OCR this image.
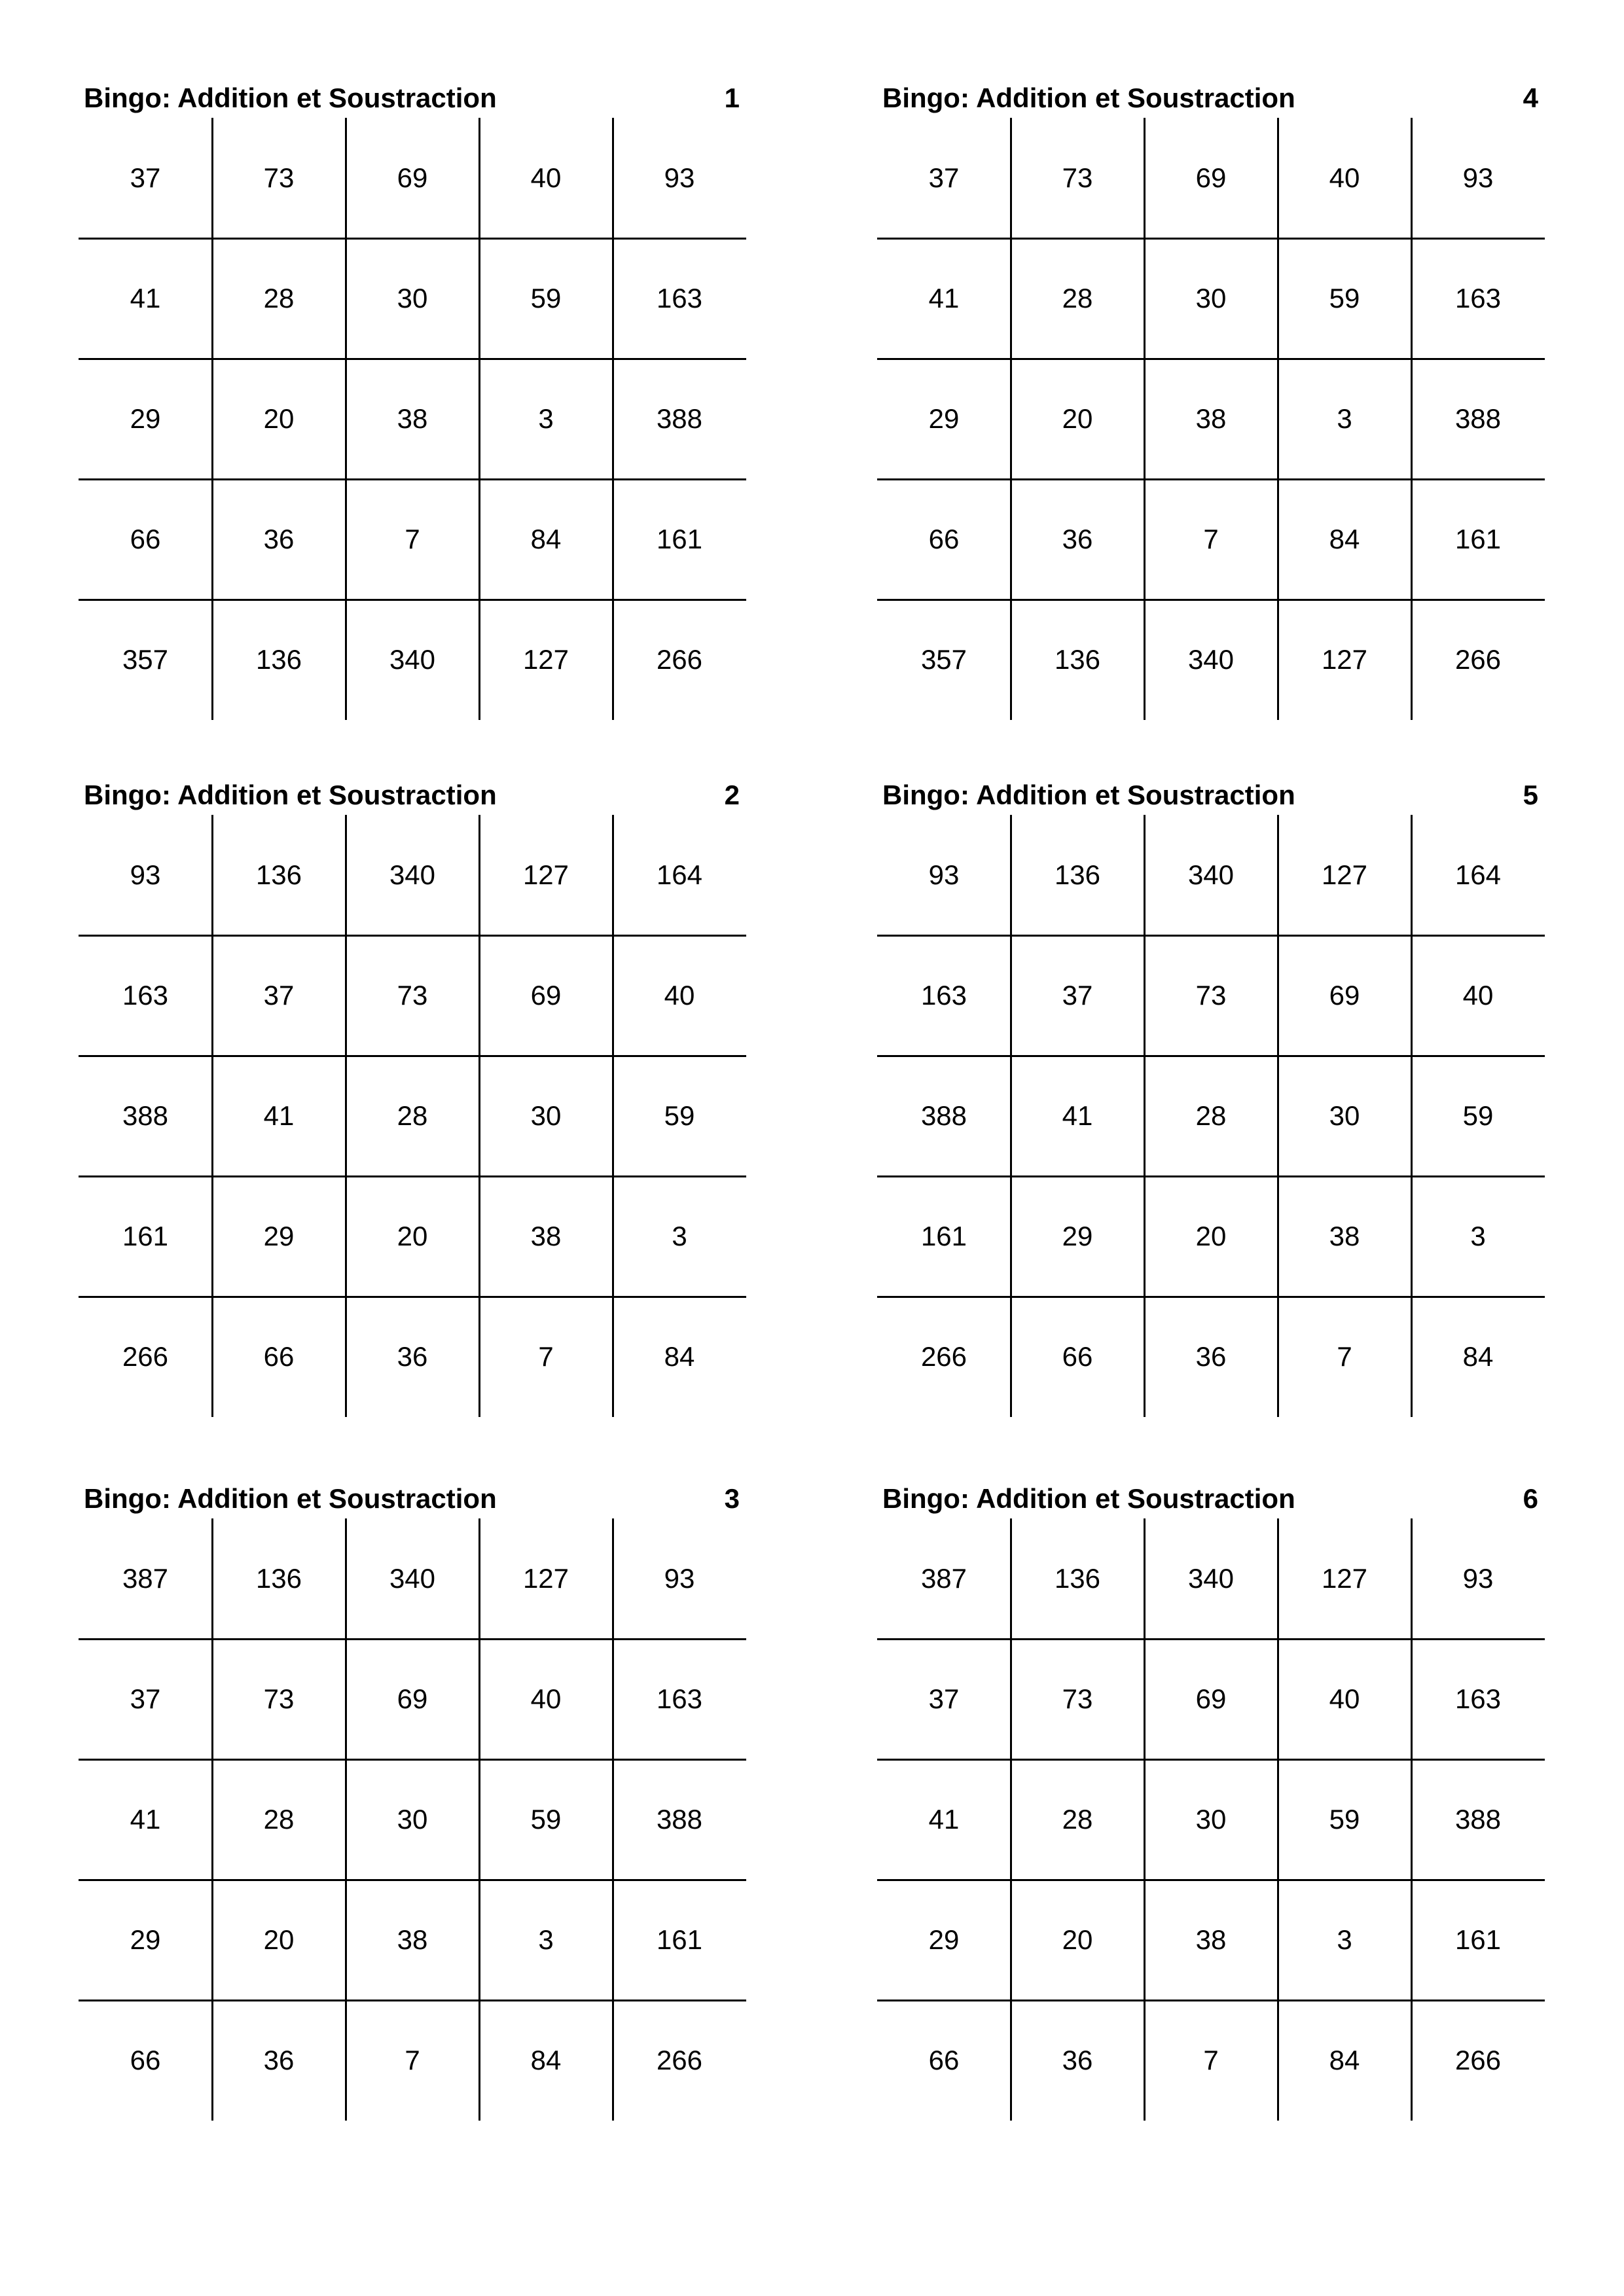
Bingo: Addition et Soustraction	1
37	73	69	40	93
41	28	30	59	163
29	20	38	3	388
66	36	7	84	161
357	136	340	127	266
Bingo: Addition et Soustraction	2
93	136	340	127	164
163	37	73	69	40
388	41	28	30	59
161	29	20	38	3
266	66	36	7	84
Bingo: Addition et Soustraction	3
387	136	340	127	93
37	73	69	40	163
41	28	30	59	388
29	20	38	3	161
66	36	7	84	266
Bingo: Addition et Soustraction	4
37	73	69	40	93
41	28	30	59	163
29	20	38	3	388
66	36	7	84	161
357	136	340	127	266
Bingo: Addition et Soustraction	5
93	136	340	127	164
163	37	73	69	40
388	41	28	30	59
161	29	20	38	3
266	66	36	7	84
Bingo: Addition et Soustraction	6
387	136	340	127	93
37	73	69	40	163
41	28	30	59	388
29	20	38	3	161
66	36	7	84	266
